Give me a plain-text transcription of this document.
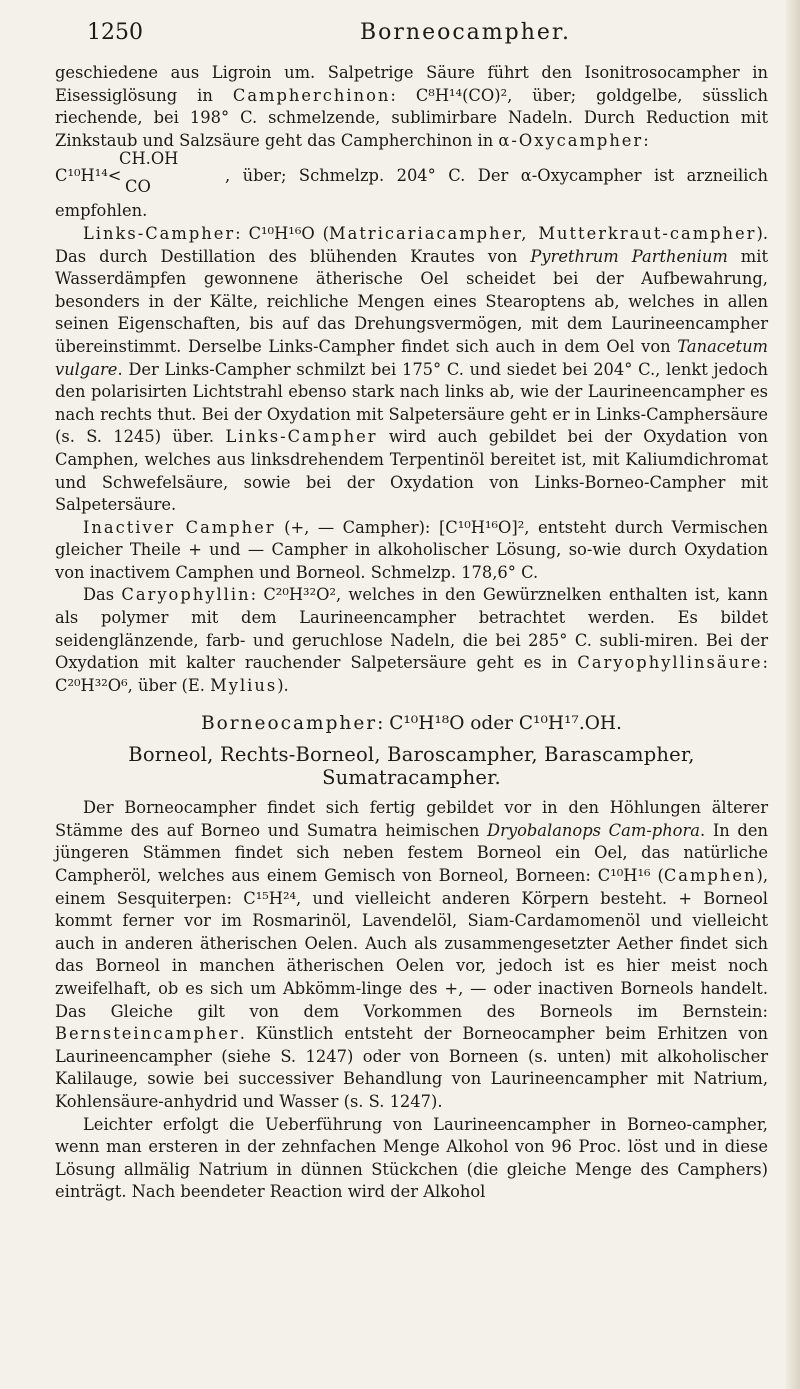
1250	Borneocampher.

geschiedene aus Ligroin um. Salpetrige Säure führt den Isonitrosocampher in Eisessiglösung in Campherchinon: C⁸H¹⁴(CO)², über; goldgelbe, süsslich riechende, bei 198° C. schmelzende, sublimirbare Nadeln. Durch Reduction mit Zinkstaub und Salzsäure geht das Campherchinon in α-Oxycampher:

C¹⁰H¹⁴<
CH.OH
CO
, über; Schmelzp. 204° C. Der α-Oxycampher ist arzneilich

empfohlen.

Links-Campher: C¹⁰H¹⁶O (Matricariacampher, Mutterkraut-campher). Das durch Destillation des blühenden Krautes von Pyrethrum Parthenium mit Wasserdämpfen gewonnene ätherische Oel scheidet bei der Aufbewahrung, besonders in der Kälte, reichliche Mengen eines Stearoptens ab, welches in allen seinen Eigenschaften, bis auf das Drehungsvermögen, mit dem Laurineencampher übereinstimmt. Derselbe Links-Campher findet sich auch in dem Oel von Tanacetum vulgare. Der Links-Campher schmilzt bei 175° C. und siedet bei 204° C., lenkt jedoch den polarisirten Lichtstrahl ebenso stark nach links ab, wie der Laurineencampher es nach rechts thut. Bei der Oxydation mit Salpetersäure geht er in Links-Camphersäure (s. S. 1245) über. Links-Campher wird auch gebildet bei der Oxydation von Camphen, welches aus linksdrehendem Terpentinöl bereitet ist, mit Kaliumdichromat und Schwefelsäure, sowie bei der Oxydation von Links-Borneo-Campher mit Salpetersäure.

Inactiver Campher (+, — Campher): [C¹⁰H¹⁶O]², entsteht durch Vermischen gleicher Theile + und — Campher in alkoholischer Lösung, so-wie durch Oxydation von inactivem Camphen und Borneol. Schmelzp. 178,6° C.

Das Caryophyllin: C²⁰H³²O², welches in den Gewürznelken enthalten ist, kann als polymer mit dem Laurineencampher betrachtet werden. Es bildet seidenglänzende, farb- und geruchlose Nadeln, die bei 285° C. subli-miren. Bei der Oxydation mit kalter rauchender Salpetersäure geht es in Caryophyllinsäure: C²⁰H³²O⁶, über (E. Mylius).

Borneocampher: C¹⁰H¹⁸O oder C¹⁰H¹⁷.OH.
Borneol, Rechts-Borneol, Baroscampher, Barascampher, Sumatracampher.

Der Borneocampher findet sich fertig gebildet vor in den Höhlungen älterer Stämme des auf Borneo und Sumatra heimischen Dryobalanops Cam-phora. In den jüngeren Stämmen findet sich neben festem Borneol ein Oel, das natürliche Campheröl, welches aus einem Gemisch von Borneol, Borneen: C¹⁰H¹⁶ (Camphen), einem Sesquiterpen: C¹⁵H²⁴, und vielleicht anderen Körpern besteht. + Borneol kommt ferner vor im Rosmarinöl, Lavendelöl, Siam-Cardamomenöl und vielleicht auch in anderen ätherischen Oelen. Auch als zusammengesetzter Aether findet sich das Borneol in manchen ätherischen Oelen vor, jedoch ist es hier meist noch zweifelhaft, ob es sich um Abkömm-linge des +, — oder inactiven Borneols handelt. Das Gleiche gilt von dem Vorkommen des Borneols im Bernstein: Bernsteincampher. Künstlich entsteht der Borneocampher beim Erhitzen von Laurineencampher (siehe S. 1247) oder von Borneen (s. unten) mit alkoholischer Kalilauge, sowie bei successiver Behandlung von Laurineencampher mit Natrium, Kohlensäure-anhydrid und Wasser (s. S. 1247).

Leichter erfolgt die Ueberführung von Laurineencampher in Borneo-campher, wenn man ersteren in der zehnfachen Menge Alkohol von 96 Proc. löst und in diese Lösung allmälig Natrium in dünnen Stückchen (die gleiche Menge des Camphers) einträgt. Nach beendeter Reaction wird der Alkohol
